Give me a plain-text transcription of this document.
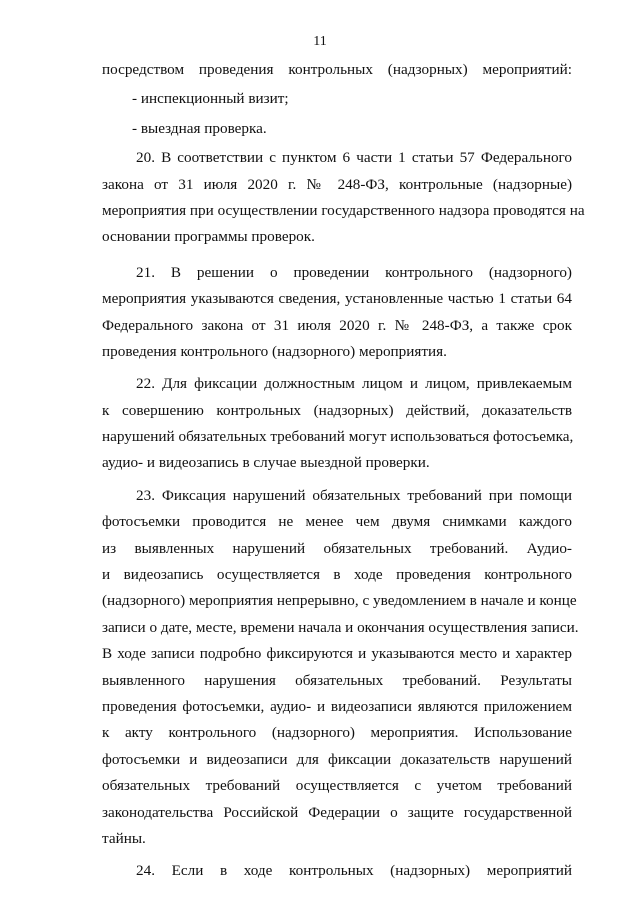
11
посредством проведения контрольных (надзорных) мероприятий:
- инспекционный визит;
- выездная проверка.
20. В соответствии с пунктом 6 части 1 статьи 57 Федерального
закона от 31 июля 2020 г. № 248-ФЗ, контрольные (надзорные)
мероприятия при осуществлении государственного надзора проводятся на
основании программы проверок.
21. В решении о проведении контрольного (надзорного)
мероприятия указываются сведения, установленные частью 1 статьи 64
Федерального закона от 31 июля 2020 г. № 248-ФЗ, а также срок
проведения контрольного (надзорного) мероприятия.
22. Для фиксации должностным лицом и лицом, привлекаемым
к совершению контрольных (надзорных) действий, доказательств
нарушений обязательных требований могут использоваться фотосъемка,
аудио- и видеозапись в случае выездной проверки.
23. Фиксация нарушений обязательных требований при помощи
фотосъемки проводится не менее чем двумя снимками каждого
из выявленных нарушений обязательных требований. Аудио-
и видеозапись осуществляется в ходе проведения контрольного
(надзорного) мероприятия непрерывно, с уведомлением в начале и конце
записи о дате, месте, времени начала и окончания осуществления записи.
В ходе записи подробно фиксируются и указываются место и характер
выявленного нарушения обязательных требований. Результаты
проведения фотосъемки, аудио- и видеозаписи являются приложением
к акту контрольного (надзорного) мероприятия. Использование
фотосъемки и видеозаписи для фиксации доказательств нарушений
обязательных требований осуществляется с учетом требований
законодательства Российской Федерации о защите государственной
тайны.
24. Если в ходе контрольных (надзорных) мероприятий
